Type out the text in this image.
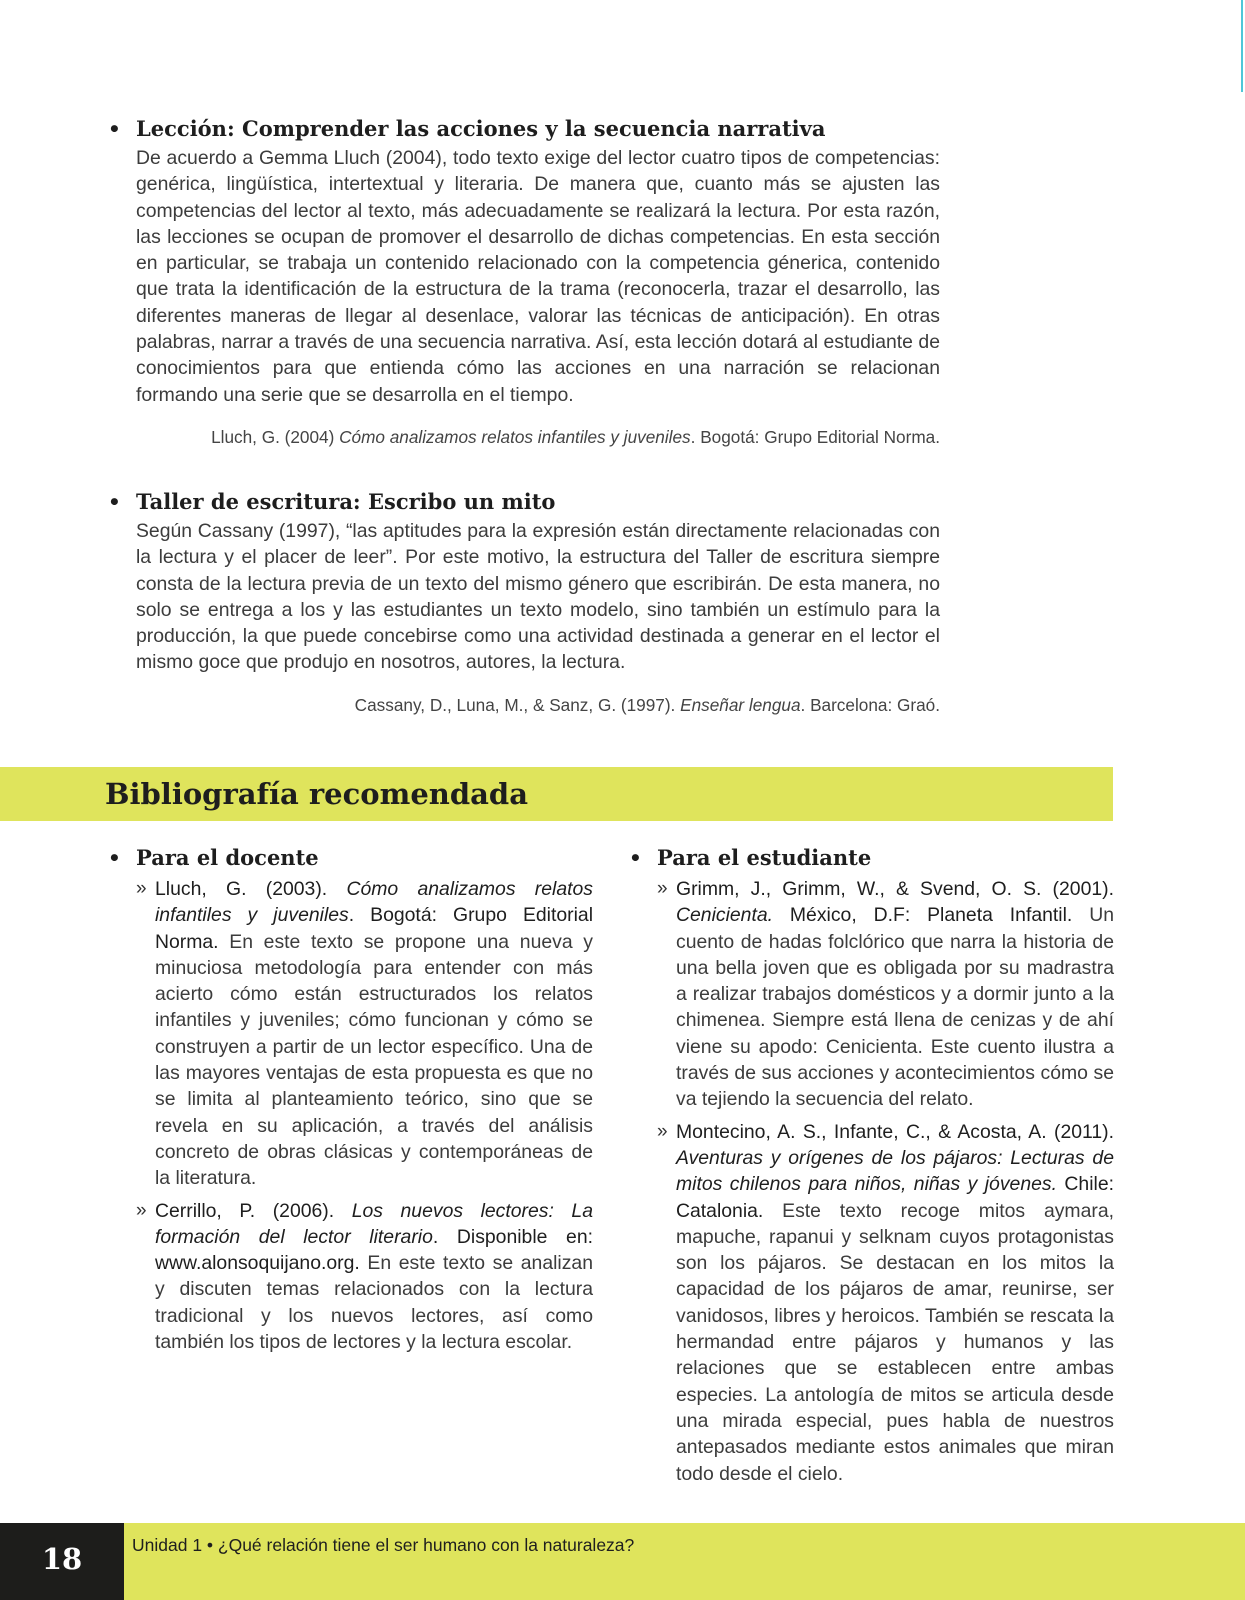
• Lección: Comprender las acciones y la secuencia narrativa

De acuerdo a Gemma Lluch (2004), todo texto exige del lector cuatro tipos de competencias: genérica, lingüística, intertextual y literaria. De manera que, cuanto más se ajusten las competencias del lector al texto, más adecuadamente se realizará la lectura. Por esta razón, las lecciones se ocupan de promover el desarrollo de dichas competencias. En esta sección en particular, se trabaja un contenido relacionado con la competencia génerica, contenido que trata la identificación de la estructura de la trama (reconocerla, trazar el desarrollo, las diferentes maneras de llegar al desenlace, valorar las técnicas de anticipación). En otras palabras, narrar a través de una secuencia narrativa. Así, esta lección dotará al estudiante de conocimientos para que entienda cómo las acciones en una narración se relacionan formando una serie que se desarrolla en el tiempo.

Lluch, G. (2004) Cómo analizamos relatos infantiles y juveniles. Bogotá: Grupo Editorial Norma.

• Taller de escritura: Escribo un mito

Según Cassany (1997), “las aptitudes para la expresión están directamente relacionadas con la lectura y el placer de leer”. Por este motivo, la estructura del Taller de escritura siempre consta de la lectura previa de un texto del mismo género que escribirán. De esta manera, no solo se entrega a los y las estudiantes un texto modelo, sino también un estímulo para la producción, la que puede concebirse como una actividad destinada a generar en el lector el mismo goce que produjo en nosotros, autores, la lectura.

Cassany, D., Luna, M., & Sanz, G. (1997). Enseñar lengua. Barcelona: Graó.

Bibliografía recomendada
• Para el docente
» Lluch, G. (2003). Cómo analizamos relatos infantiles y juveniles. Bogotá: Grupo Editorial Norma. En este texto se propone una nueva y minuciosa metodología para entender con más acierto cómo están estructurados los relatos infantiles y juveniles; cómo funcionan y cómo se construyen a partir de un lector específico. Una de las mayores ventajas de esta propuesta es que no se limita al planteamiento teórico, sino que se revela en su aplicación, a través del análisis concreto de obras clásicas y contemporáneas de la literatura.
» Cerrillo, P. (2006). Los nuevos lectores: La formación del lector literario. Disponible en: www.alonsoquijano.org. En este texto se analizan y discuten temas relacionados con la lectura tradicional y los nuevos lectores, así como también los tipos de lectores y la lectura escolar.
• Para el estudiante
» Grimm, J., Grimm, W., & Svend, O. S. (2001). Cenicienta. México, D.F: Planeta Infantil. Un cuento de hadas folclórico que narra la historia de una bella joven que es obligada por su madrastra a realizar trabajos domésticos y a dormir junto a la chimenea. Siempre está llena de cenizas y de ahí viene su apodo: Cenicienta. Este cuento ilustra a través de sus acciones y acontecimientos cómo se va tejiendo la secuencia del relato.
» Montecino, A. S., Infante, C., & Acosta, A. (2011). Aventuras y orígenes de los pájaros: Lecturas de mitos chilenos para niños, niñas y jóvenes. Chile: Catalonia. Este texto recoge mitos aymara, mapuche, rapanui y selknam cuyos protagonistas son los pájaros. Se destacan en los mitos la capacidad de los pájaros de amar, reunirse, ser vanidosos, libres y heroicos. También se rescata la hermandad entre pájaros y humanos y las relaciones que se establecen entre ambas especies. La antología de mitos se articula desde una mirada especial, pues habla de nuestros antepasados mediante estos animales que miran todo desde el cielo.
18	Unidad 1 • ¿Qué relación tiene el ser humano con la naturaleza?
